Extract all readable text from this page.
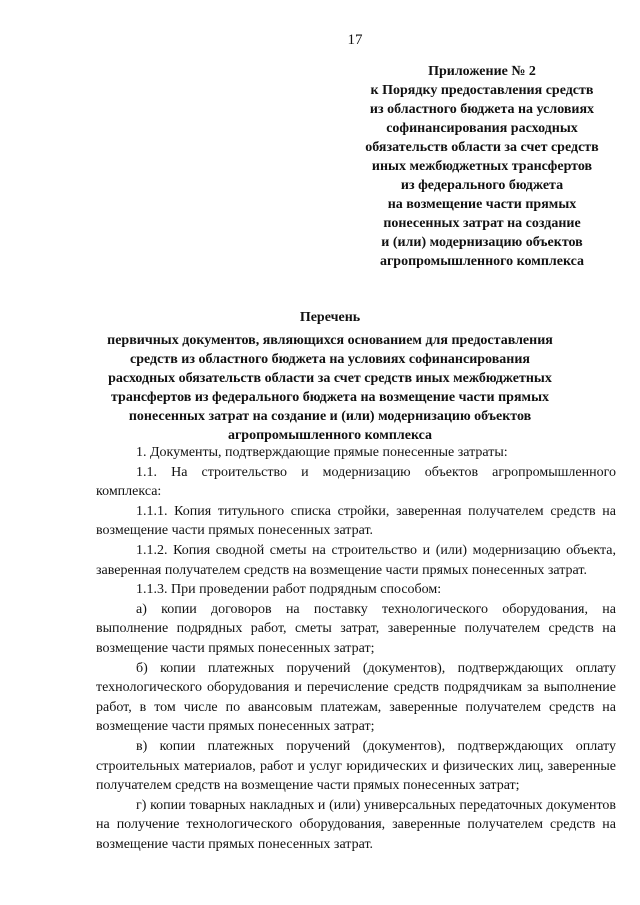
17
Приложение № 2
к Порядку предоставления средств
из областного бюджета на условиях
софинансирования расходных
обязательств области за счет средств
иных межбюджетных трансфертов
из федерального бюджета
на возмещение части прямых
понесенных затрат на создание
и (или) модернизацию объектов
агропромышленного комплекса
Перечень
первичных документов, являющихся основанием для предоставления
средств из областного бюджета на условиях софинансирования
расходных обязательств области за счет средств иных межбюджетных
трансфертов из федерального бюджета на возмещение части прямых
понесенных затрат на создание и (или) модернизацию объектов
агропромышленного комплекса

1. Документы, подтверждающие прямые понесенные затраты:

1.1. На строительство и модернизацию объектов агропромышленного комплекса:

1.1.1. Копия титульного списка стройки, заверенная получателем средств на возмещение части прямых понесенных затрат.

1.1.2. Копия сводной сметы на строительство и (или) модернизацию объекта, заверенная получателем средств на возмещение части прямых понесенных затрат.

1.1.3. При проведении работ подрядным способом:

а) копии договоров на поставку технологического оборудования, на выполнение подрядных работ, сметы затрат, заверенные получателем средств на возмещение части прямых понесенных затрат;

б) копии платежных поручений (документов), подтверждающих оплату технологического оборудования и перечисление средств подрядчикам за выполнение работ, в том числе по авансовым платежам, заверенные получателем средств на возмещение части прямых понесенных затрат;

в) копии платежных поручений (документов), подтверждающих оплату строительных материалов, работ и услуг юридических и физических лиц, заверенные получателем средств на возмещение части прямых понесенных затрат;

г) копии товарных накладных и (или) универсальных передаточных документов на получение технологического оборудования, заверенные получателем средств на возмещение части прямых понесенных затрат.
